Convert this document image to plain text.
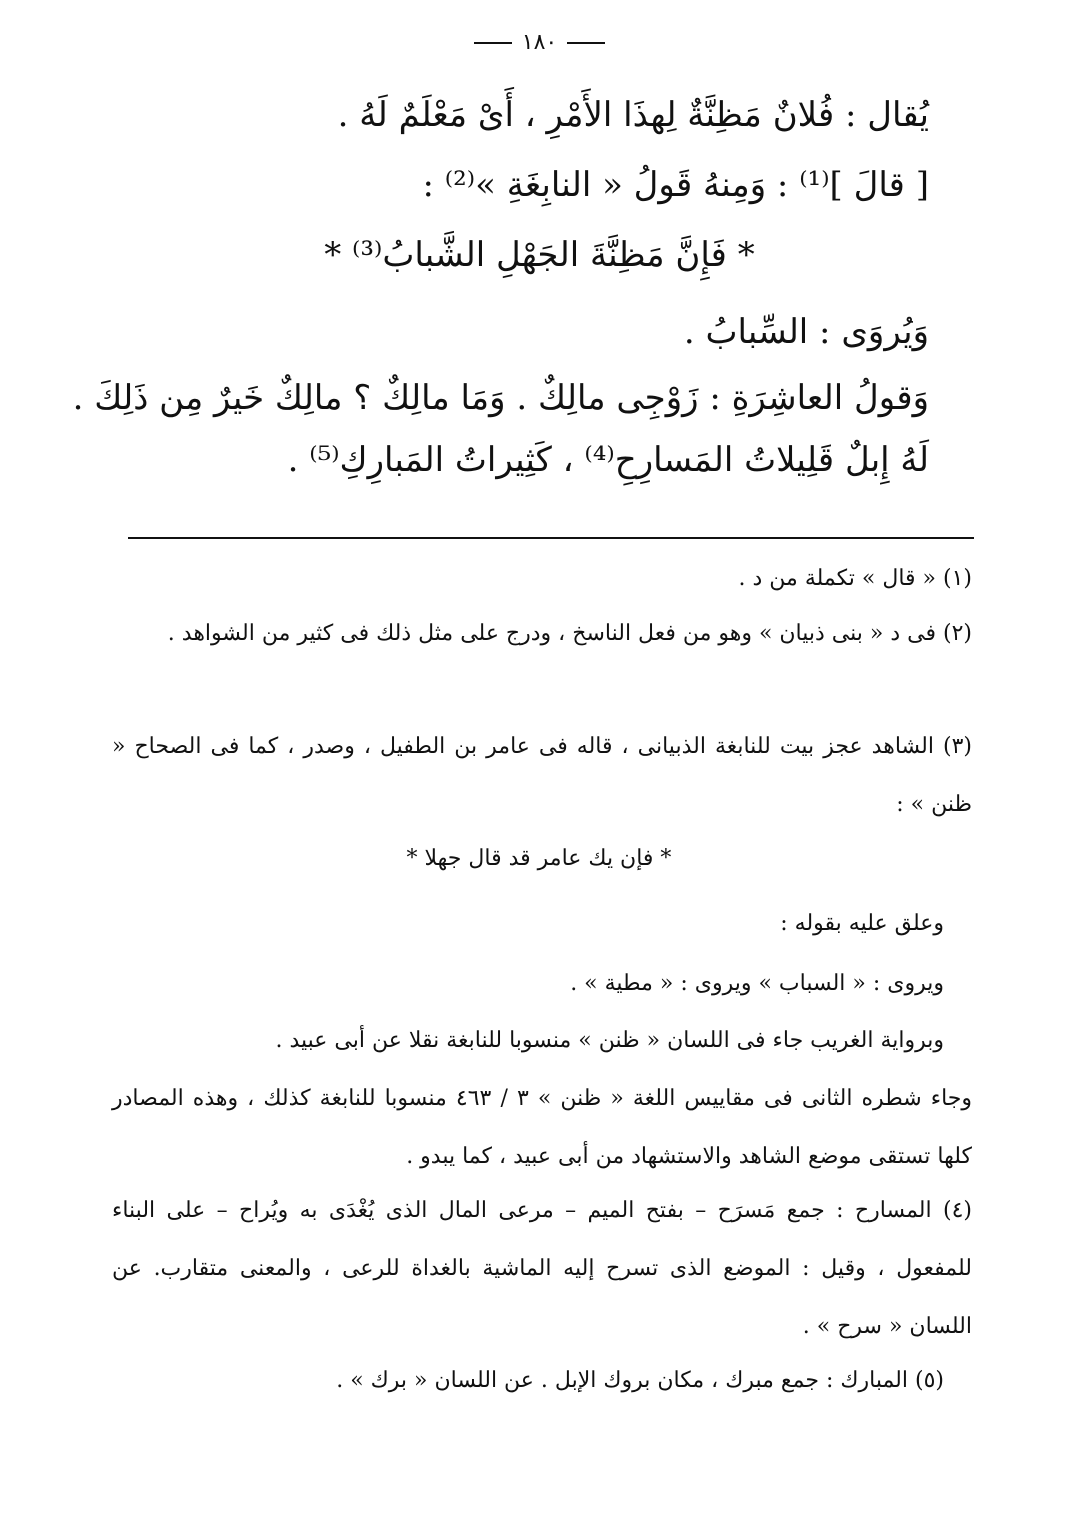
١٨٠
يُقال : فُلانٌ مَظِنَّةٌ لِهذَا الأَمْرِ ، أَىْ مَعْلَمٌ لَهُ .
[ قالَ ]⁽¹⁾ : وَمِنهُ قَولُ « النابِغَةِ »⁽²⁾ :
* فَإِنَّ مَظِنَّةَ الجَهْلِ الشَّبابُ⁽³⁾ *
وَيُروَى : السِّبابُ .
وَقولُ العاشِرَةِ : زَوْجِى مالِكٌ . وَمَا مالِكٌ ؟ مالِكٌ خَيرٌ مِن ذَلِكَ .
لَهُ إِبلٌ قَلِيلاتُ المَسارِحِ⁽⁴⁾ ، كَثِيراتُ المَبارِكِ⁽⁵⁾ .
(١) « قال » تكملة من د .
(٢) فى د « بنى ذبيان » وهو من فعل الناسخ ، ودرج على مثل ذلك فى كثير من الشواهد .
(٣) الشاهد عجز بيت للنابغة الذبيانى ، قاله فى عامر بن الطفيل ، وصدر ، كما فى الصحاح « ظنن » :
* فإن يك عامر قد قال جهلا *
وعلق عليه بقوله :
ويروى : « السباب » ويروى : « مطية » .
وبرواية الغريب جاء فى اللسان « ظنن » منسوبا للنابغة نقلا عن أبى عبيد .
وجاء شطره الثانى فى مقاييس اللغة « ظنن » ٣ / ٤٦٣ منسوبا للنابغة كذلك ، وهذه المصادر كلها تستقى موضع الشاهد والاستشهاد من أبى عبيد ، كما يبدو .
(٤) المسارح : جمع مَسرَح – بفتح الميم – مرعى المال الذى يُغْدَى به ويُراح – على البناء للمفعول ، وقيل : الموضع الذى تسرح إليه الماشية بالغداة للرعى ، والمعنى متقارب. عن اللسان « سرح » .
(٥) المبارك : جمع مبرك ، مكان بروك الإبل . عن اللسان « برك » .
